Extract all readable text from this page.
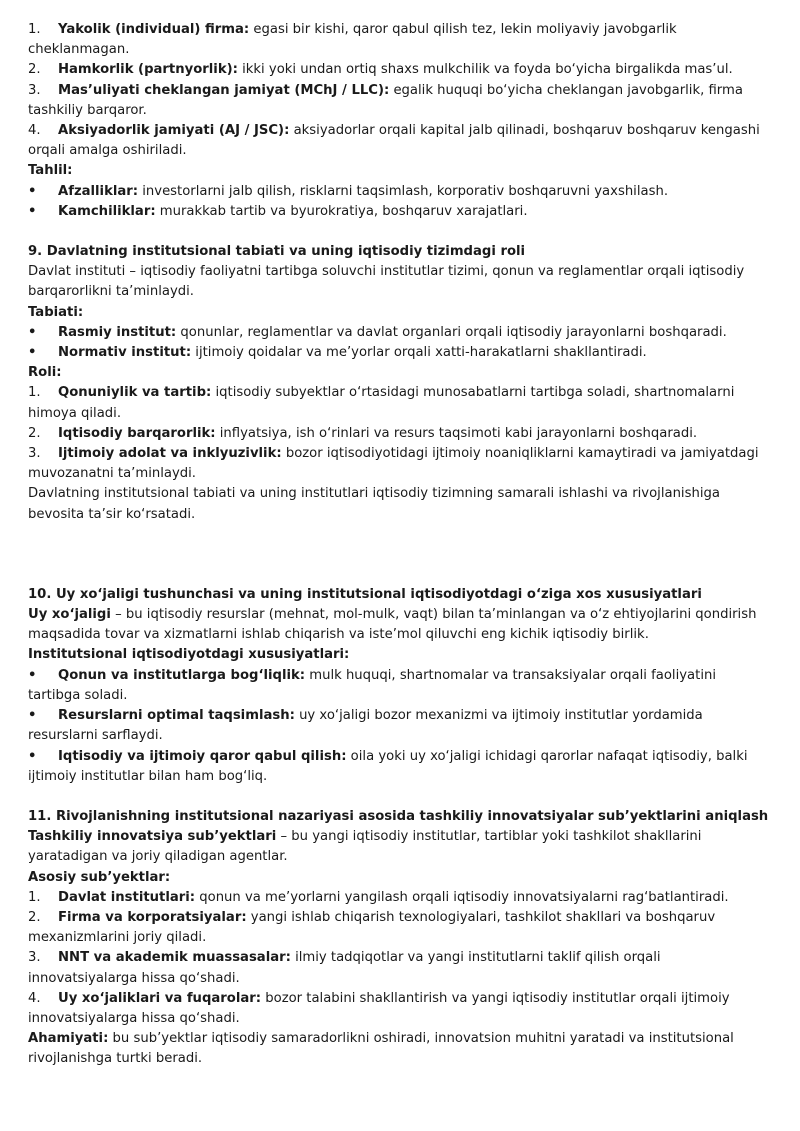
1. Yakolik (individual) firma: egasi bir kishi, qaror qabul qilish tez, lekin moliyaviy javobgarlik cheklanmagan.
2. Hamkorlik (partnyorlik): ikki yoki undan ortiq shaxs mulkchilik va foyda bo‘yicha birgalikda mas’ul.
3. Mas’uliyati cheklangan jamiyat (MChJ / LLC): egalik huquqi bo‘yicha cheklangan javobgarlik, firma tashkiliy barqaror.
4. Aksiyadorlik jamiyati (AJ / JSC): aksiyadorlar orqali kapital jalb qilinadi, boshqaruv boshqaruv kengashi orqali amalga oshiriladi.
Tahlil:
• Afzalliklar: investorlarni jalb qilish, risklarni taqsimlash, korporativ boshqaruvni yaxshilash.
• Kamchiliklar: murakkab tartib va byurokratiya, boshqaruv xarajatlari.
9. Davlatning institutsional tabiati va uning iqtisodiy tizimdagi roli
Davlat instituti – iqtisodiy faoliyatni tartibga soluvchi institutlar tizimi, qonun va reglamentlar orqali iqtisodiy barqarorlikni ta’minlaydi.
Tabiati:
• Rasmiy institut: qonunlar, reglamentlar va davlat organlari orqali iqtisodiy jarayonlarni boshqaradi.
• Normativ institut: ijtimoiy qoidalar va me’yorlar orqali xatti-harakatlarni shakllantiradi.
Roli:
1. Qonuniylik va tartib: iqtisodiy subyektlar o‘rtasidagi munosabatlarni tartibga soladi, shartnomalarni himoya qiladi.
2. Iqtisodiy barqarorlik: inflyatsiya, ish o‘rinlari va resurs taqsimoti kabi jarayonlarni boshqaradi.
3. Ijtimoiy adolat va inklyuzivlik: bozor iqtisodiyotidagi ijtimoiy noaniqliklarni kamaytiradi va jamiyatdagi muvozanatni ta’minlaydi.
Davlatning institutsional tabiati va uning institutlari iqtisodiy tizimning samarali ishlashi va rivojlanishiga bevosita ta’sir ko‘rsatadi.
10. Uy xo‘jaligi tushunchasi va uning institutsional iqtisodiyotdagi o‘ziga xos xususiyatlari
Uy xo‘jaligi – bu iqtisodiy resurslar (mehnat, mol-mulk, vaqt) bilan ta’minlangan va o‘z ehtiyojlarini qondirish maqsadida tovar va xizmatlarni ishlab chiqarish va iste’mol qiluvchi eng kichik iqtisodiy birlik.
Institutsional iqtisodiyotdagi xususiyatlari:
• Qonun va institutlarga bog‘liqlik: mulk huquqi, shartnomalar va transaksiyalar orqali faoliyatini tartibga soladi.
• Resurslarni optimal taqsimlash: uy xo‘jaligi bozor mexanizmi va ijtimoiy institutlar yordamida resurslarni sarflaydi.
• Iqtisodiy va ijtimoiy qaror qabul qilish: oila yoki uy xo‘jaligi ichidagi qarorlar nafaqat iqtisodiy, balki ijtimoiy institutlar bilan ham bog‘liq.
11. Rivojlanishning institutsional nazariyasi asosida tashkiliy innovatsiyalar sub’yektlarini aniqlash
Tashkiliy innovatsiya sub’yektlari – bu yangi iqtisodiy institutlar, tartiblar yoki tashkilot shakllarini yaratadigan va joriy qiladigan agentlar.
Asosiy sub’yektlar:
1. Davlat institutlari: qonun va me’yorlarni yangilash orqali iqtisodiy innovatsiyalarni rag‘batlantiradi.
2. Firma va korporatsiyalar: yangi ishlab chiqarish texnologiyalari, tashkilot shakllari va boshqaruv mexanizmlarini joriy qiladi.
3. NNT va akademik muassasalar: ilmiy tadqiqotlar va yangi institutlarni taklif qilish orqali innovatsiyalarga hissa qo‘shadi.
4. Uy xo‘jaliklari va fuqarolar: bozor talabini shakllantirish va yangi iqtisodiy institutlar orqali ijtimoiy innovatsiyalarga hissa qo‘shadi.
Ahamiyati: bu sub’yektlar iqtisodiy samaradorlikni oshiradi, innovatsion muhitni yaratadi va institutsional rivojlanishga turtki beradi.
